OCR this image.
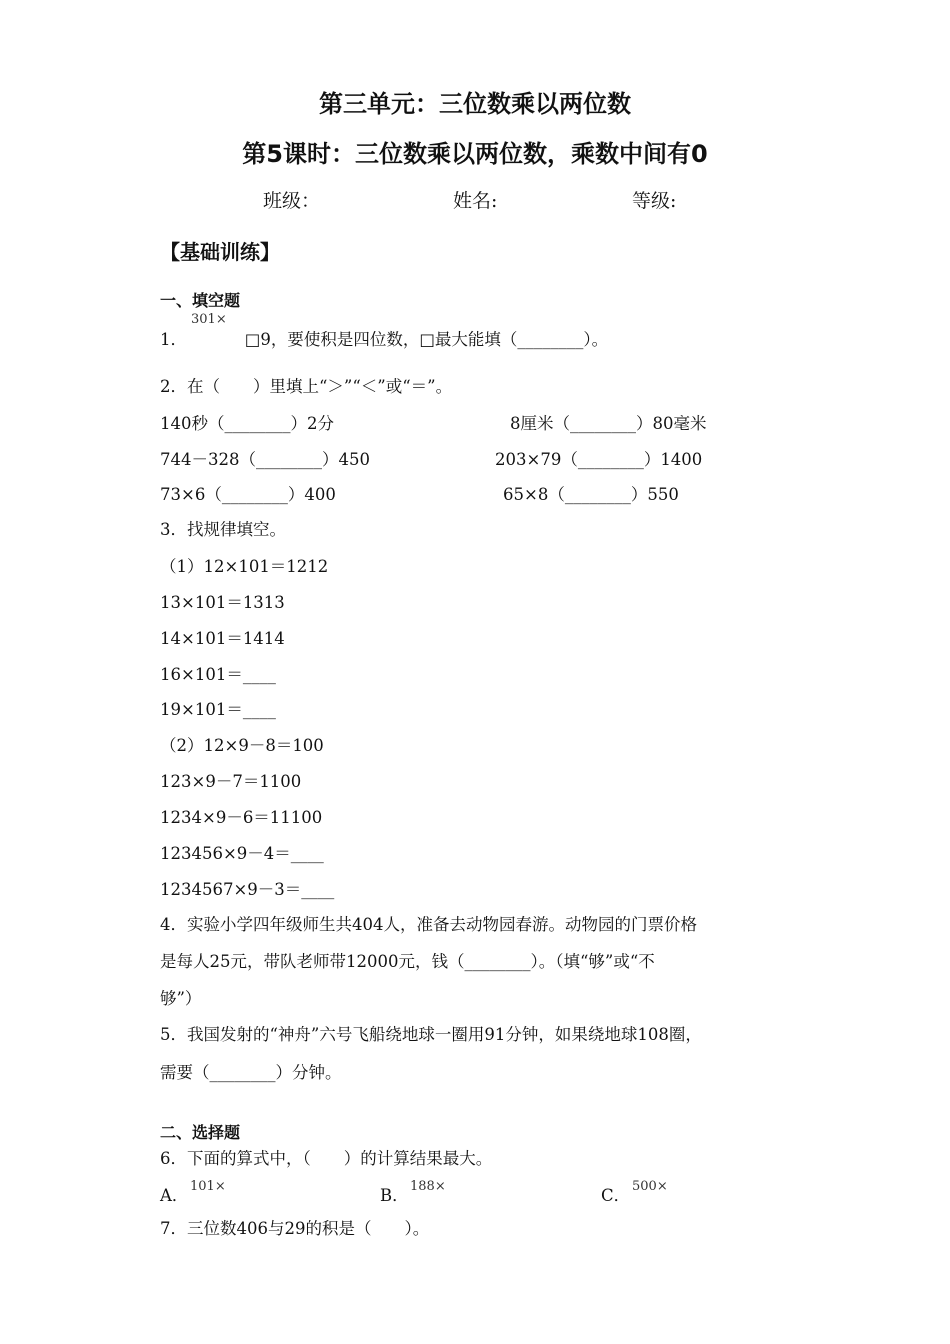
第三单元：三位数乘以两位数
第5课时：三位数乘以两位数，乘数中间有0
班级：	姓名:	等级:
【基础训练】
一、填空题
301×
1．　　　　□9，要使积是四位数，□最大能填（________）。
2．在（　　）里填上“＞”“＜”或“＝”。
140秒（________）2分	8厘米（________）80毫米
744－328（________）450	203×79（________）1400
73×6（________）400	65×8（________）550
3．找规律填空。
（1）12×101＝1212
13×101＝1313
14×101＝1414
16×101＝____
19×101＝____
（2）12×9－8＝100
123×9－7＝1100
1234×9－6＝11100
123456×9－4＝____
1234567×9－3＝____
4．实验小学四年级师生共404人，准备去动物园春游。动物园的门票价格
是每人25元，带队老师带12000元，钱（________）。（填“够”或“不
够”）
5．我国发射的“神舟”六号飞船绕地球一圈用91分钟，如果绕地球108圈，
需要（________）分钟。
二、选择题
6．下面的算式中，（　　）的计算结果最大。
A． 101×	B． 188×	C． 500×
7．三位数406与29的积是（　　）。
